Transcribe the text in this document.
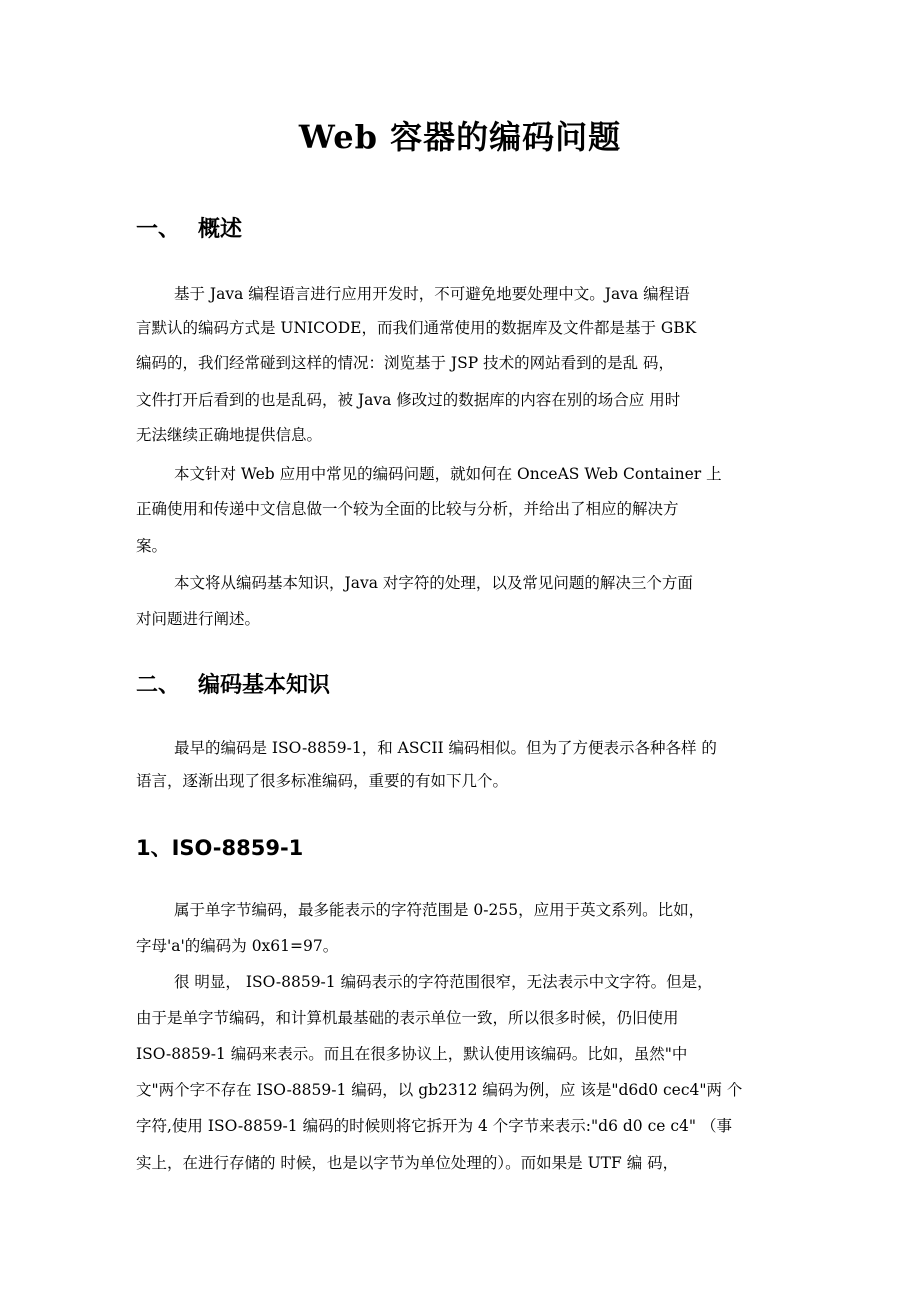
Web 容器的编码问题
一、 概述
基于 Java 编程语言进行应用开发时，不可避免地要处理中文。Java 编程语
言默认的编码方式是 UNICODE，而我们通常使用的数据库及文件都是基于 GBK
编码的，我们经常碰到这样的情况：浏览基于 JSP 技术的网站看到的是乱 码，
文件打开后看到的也是乱码，被 Java 修改过的数据库的内容在别的场合应 用时
无法继续正确地提供信息。
本文针对 Web 应用中常见的编码问题，就如何在 OnceAS Web Container 上
正确使用和传递中文信息做一个较为全面的比较与分析，并给出了相应的解决方
案。
本文将从编码基本知识，Java 对字符的处理，以及常见问题的解决三个方面
对问题进行阐述。
二、 编码基本知识
最早的编码是 ISO-8859-1，和 ASCII 编码相似。但为了方便表示各种各样 的
语言，逐渐出现了很多标准编码，重要的有如下几个。
1、ISO-8859-1
属于单字节编码，最多能表示的字符范围是 0-255，应用于英文系列。比如，
字母'a'的编码为 0x61=97。
很 明显， ISO-8859-1 编码表示的字符范围很窄，无法表示中文字符。但是，
由于是单字节编码，和计算机最基础的表示单位一致，所以很多时候，仍旧使用
ISO-8859-1 编码来表示。而且在很多协议上，默认使用该编码。比如，虽然"中
文"两个字不存在 ISO-8859-1 编码，以 gb2312 编码为例，应 该是"d6d0 cec4"两 个
字符,使用 ISO-8859-1 编码的时候则将它拆开为 4 个字节来表示:"d6 d0 ce c4" （事
实上，在进行存储的 时候，也是以字节为单位处理的）。而如果是 UTF 编 码，
